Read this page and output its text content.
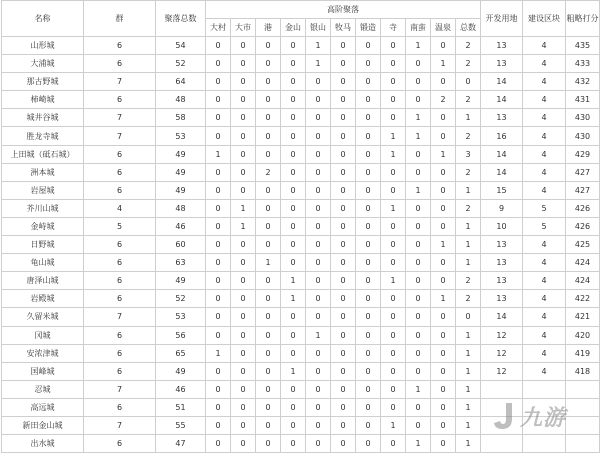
名称	群	聚落总数	高阶聚落											开发用地	建设区块	粗略打分
			大村	大市	港	金山	银山	牧马	锻造	寺	南蛮	温泉	总数			
山形城	6	54	0	0	0	0	1	0	0	0	1	0	2	13	4	435
大浦城	6	52	0	0	0	0	1	0	0	0	0	1	2	13	4	433
那古野城	7	64	0	0	0	0	0	0	0	0	0	0	0	14	4	432
柿崎城	6	48	0	0	0	0	0	0	0	0	0	2	2	14	4	431
城井谷城	7	58	0	0	0	0	0	0	0	0	1	0	1	13	4	430
胜龙寺城	7	53	0	0	0	0	0	0	0	1	1	0	2	16	4	430
上田城（砥石城）	6	49	1	0	0	0	0	0	0	1	0	1	3	14	4	429
洲本城	6	49	0	0	2	0	0	0	0	0	0	0	2	14	4	427
岩屋城	6	49	0	0	0	0	0	0	0	0	1	0	1	15	4	427
芥川山城	4	48	0	1	0	0	0	0	0	1	0	0	2	9	5	426
金峙城	5	46	0	1	0	0	0	0	0	0	0	0	1	10	5	426
日野城	6	60	0	0	0	0	0	0	0	0	0	1	1	13	4	425
龟山城	6	63	0	0	1	0	0	0	0	0	0	0	1	13	4	424
唐泽山城	6	49	0	0	0	1	0	0	0	1	0	0	2	13	4	424
岩殿城	6	52	0	0	0	1	0	0	0	0	0	1	2	13	4	422
久留米城	7	53	0	0	0	0	0	0	0	0	0	0	0	14	4	421
冈城	6	56	0	0	0	0	1	0	0	0	0	0	1	12	4	420
安浓津城	6	65	1	0	0	0	0	0	0	0	0	0	1	12	4	419
国峰城	6	49	0	0	0	1	0	0	0	0	0	0	1	12	4	418
忍城	7	46	0	0	0	0	0	0	0	0	1	0	1			
高远城	6	51	0	0	0	0	0	0	0	0	0	0	1			
新田金山城	7	55	0	0	0	0	0	0	0	1	0	0	1			
出水城	6	47	0	0	0	0	0	0	0	0	1	0	1			
九游
